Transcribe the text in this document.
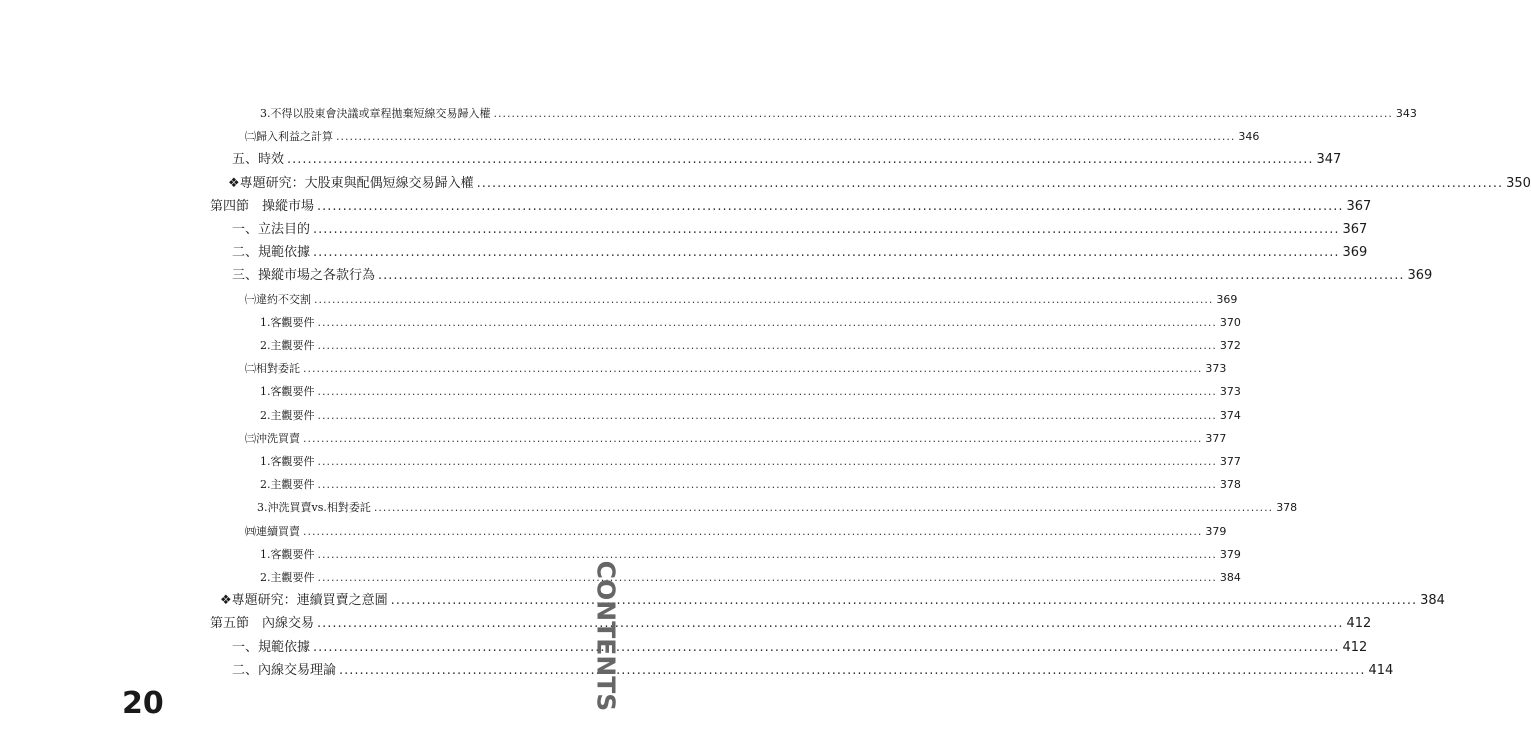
3.不得以股東會決議或章程拋棄短線交易歸入權 ........................................................................................................................................................................................................ 343
㈡歸入利益之計算 ........................................................................................................................................................................................................ 346
五、時效 ........................................................................................................................................................................................................ 347
❖專題研究：大股東與配偶短線交易歸入權 ........................................................................................................................................................................................................ 350
第四節　操縱市場 ........................................................................................................................................................................................................ 367
一、立法目的 ........................................................................................................................................................................................................ 367
二、規範依據 ........................................................................................................................................................................................................ 369
三、操縱市場之各款行為 ........................................................................................................................................................................................................ 369
㈠違約不交割 ........................................................................................................................................................................................................ 369
1.客觀要件 ........................................................................................................................................................................................................ 370
2.主觀要件 ........................................................................................................................................................................................................ 372
㈡相對委託 ........................................................................................................................................................................................................ 373
1.客觀要件 ........................................................................................................................................................................................................ 373
2.主觀要件 ........................................................................................................................................................................................................ 374
㈢沖洗買賣 ........................................................................................................................................................................................................ 377
1.客觀要件 ........................................................................................................................................................................................................ 377
2.主觀要件 ........................................................................................................................................................................................................ 378
3.沖洗買賣vs.相對委託 ........................................................................................................................................................................................................ 378
㈣連續買賣 ........................................................................................................................................................................................................ 379
1.客觀要件 ........................................................................................................................................................................................................ 379
2.主觀要件 ........................................................................................................................................................................................................ 384
❖專題研究：連續買賣之意圖 ........................................................................................................................................................................................................ 384
第五節　內線交易 ........................................................................................................................................................................................................ 412
一、規範依據 ........................................................................................................................................................................................................ 412
二、內線交易理論 ........................................................................................................................................................................................................ 414
20	CONTENTS
